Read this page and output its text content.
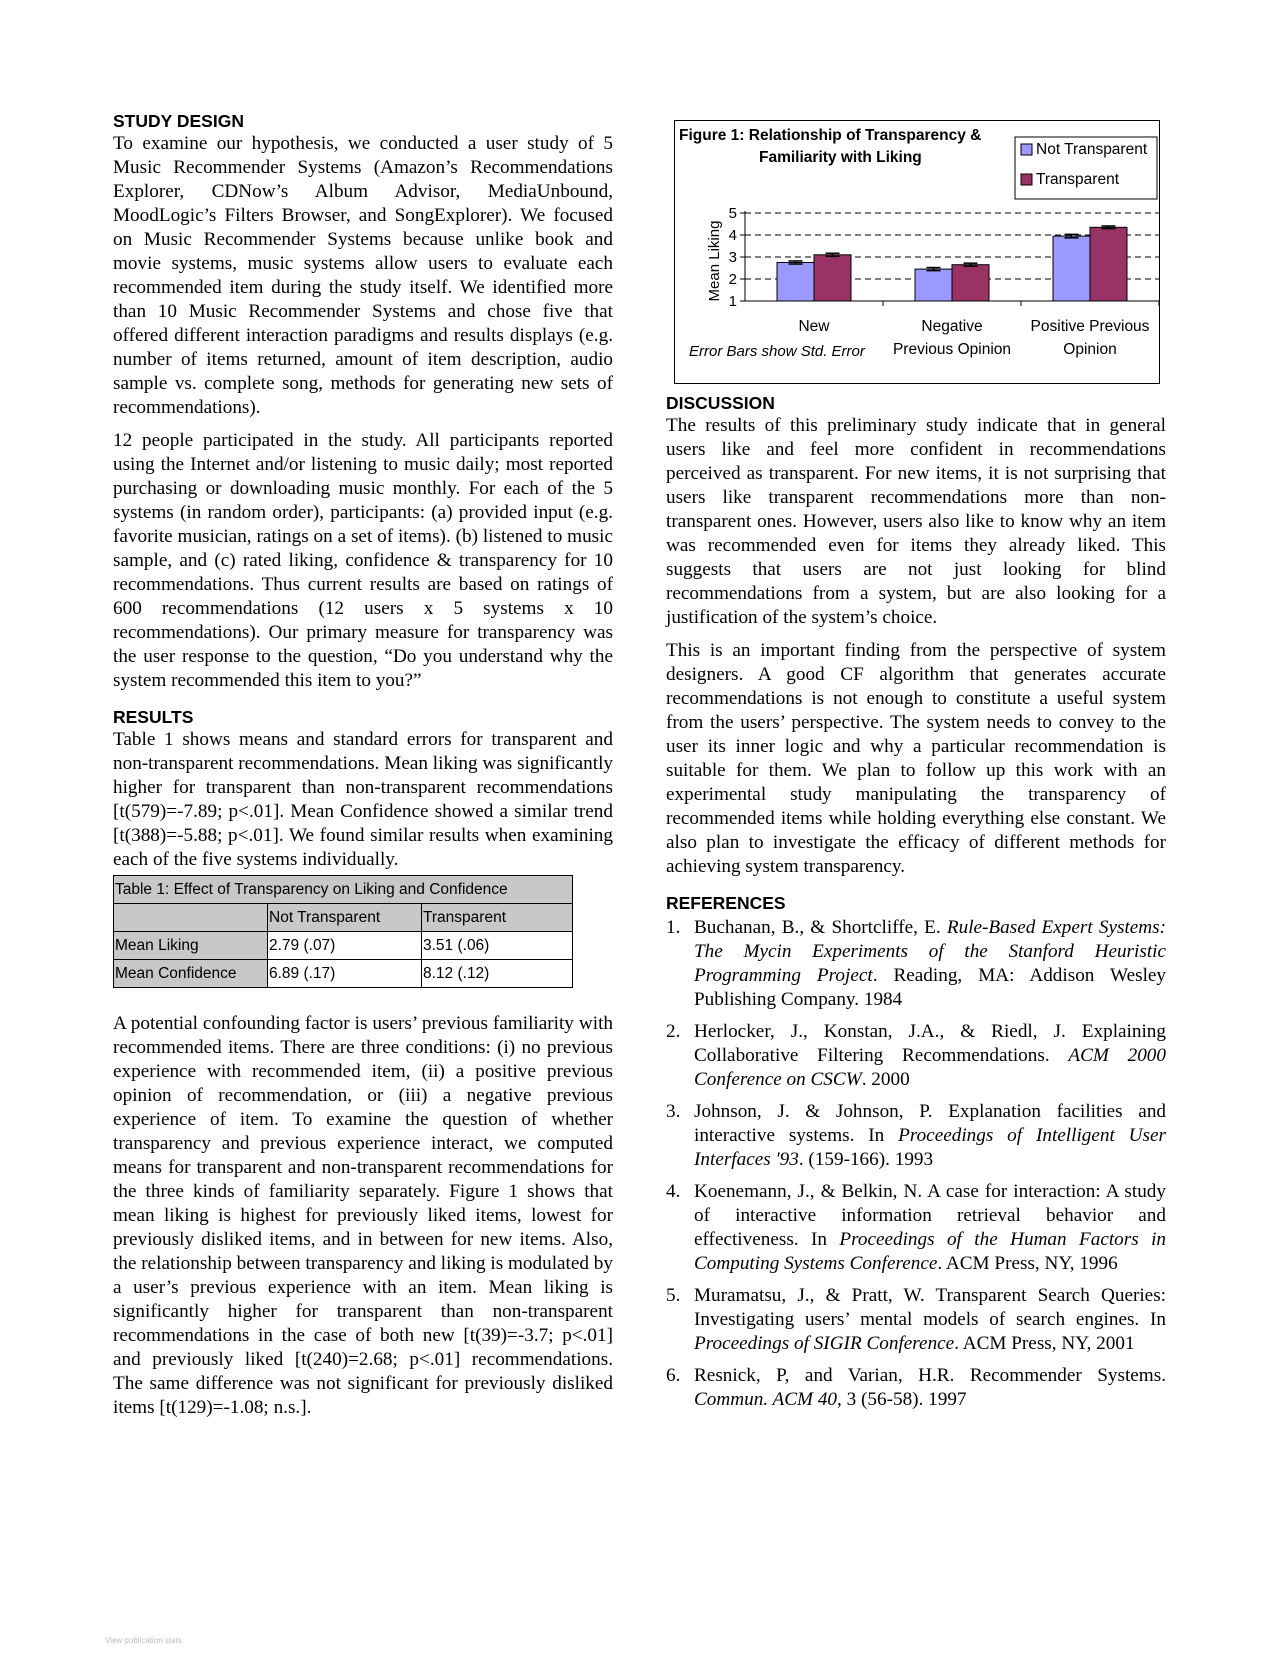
STUDY DESIGN

To examine our hypothesis, we conducted a user study of 5 Music Recommender Systems (Amazon’s Recommendations Explorer, CDNow’s Album Advisor, MediaUnbound, MoodLogic’s Filters Browser, and SongExplorer). We focused on Music Recommender Systems because unlike book and movie systems, music systems allow users to evaluate each recommended item during the study itself. We identified more than 10 Music Recommender Systems and chose five that offered different interaction paradigms and results displays (e.g. number of items returned, amount of item description, audio sample vs. complete song, methods for generating new sets of recommendations).

12 people participated in the study. All participants reported using the Internet and/or listening to music daily; most reported purchasing or downloading music monthly. For each of the 5 systems (in random order), participants: (a) provided input (e.g. favorite musician, ratings on a set of items). (b) listened to music sample, and (c) rated liking, confidence & transparency for 10 recommendations. Thus current results are based on ratings of 600 recommendations (12 users x 5 systems x 10 recommendations). Our primary measure for transparency was the user response to the question, “Do you understand why the system recommended this item to you?”

RESULTS

Table 1 shows means and standard errors for transparent and non-transparent recommendations. Mean liking was significantly higher for transparent than non-transparent recommendations [t(579)=-7.89; p<.01]. Mean Confidence showed a similar trend [t(388)=-5.88; p<.01]. We found similar results when examining each of the five systems individually.

Table 1: Effect of Transparency on Liking and Confidence		
	Not Transparent	Transparent
Mean Liking	2.79 (.07)	3.51 (.06)
Mean Confidence	6.89 (.17)	8.12 (.12)

A potential confounding factor is users’ previous familiarity with recommended items. There are three conditions: (i) no previous experience with recommended item, (ii) a positive previous opinion of recommendation, or (iii) a negative previous experience of item. To examine the question of whether transparency and previous experience interact, we computed means for transparent and non-transparent recommendations for the three kinds of familiarity separately. Figure 1 shows that mean liking is highest for previously liked items, lowest for previously disliked items, and in between for new items. Also, the relationship between transparency and liking is modulated by a user’s previous experience with an item. Mean liking is significantly higher for transparent than non-transparent recommendations in the case of both new [t(39)=-3.7; p<.01] and previously liked [t(240)=2.68; p<.01] recommendations. The same difference was not significant for previously disliked items [t(129)=-1.08; n.s.].

Figure 1: Relationship of Transparency &
Familiarity with Liking
1
2
3
4
5
Mean Liking
New	Negative
Previous Opinion
Positive Previous
Opinion
Not Transparent
Transparent
Error Bars show Std. Error
DISCUSSION

The results of this preliminary study indicate that in general users like and feel more confident in recommendations perceived as transparent. For new items, it is not surprising that users like transparent recommendations more than non-transparent ones. However, users also like to know why an item was recommended even for items they already liked. This suggests that users are not just looking for blind recommendations from a system, but are also looking for a justification of the system’s choice.

This is an important finding from the perspective of system designers. A good CF algorithm that generates accurate recommendations is not enough to constitute a useful system from the users’ perspective. The system needs to convey to the user its inner logic and why a particular recommendation is suitable for them. We plan to follow up this work with an experimental study manipulating the transparency of recommended items while holding everything else constant. We also plan to investigate the efficacy of different methods for achieving system transparency.

REFERENCES
1. Buchanan, B., & Shortcliffe, E. Rule-Based Expert Systems: The Mycin Experiments of the Stanford Heuristic Programming Project. Reading, MA: Addison Wesley Publishing Company. 1984
2. Herlocker, J., Konstan, J.A., & Riedl, J. Explaining Collaborative Filtering Recommendations. ACM 2000 Conference on CSCW. 2000
3. Johnson, J. & Johnson, P. Explanation facilities and interactive systems. In Proceedings of Intelligent User Interfaces '93. (159-166). 1993
4. Koenemann, J., & Belkin, N. A case for interaction: A study of interactive information retrieval behavior and effectiveness. In Proceedings of the Human Factors in Computing Systems Conference. ACM Press, NY, 1996
5. Muramatsu, J., & Pratt, W. Transparent Search Queries: Investigating users’ mental models of search engines. In Proceedings of SIGIR Conference. ACM Press, NY, 2001
6. Resnick, P, and Varian, H.R. Recommender Systems. Commun. ACM 40, 3 (56-58). 1997
View publication stats
